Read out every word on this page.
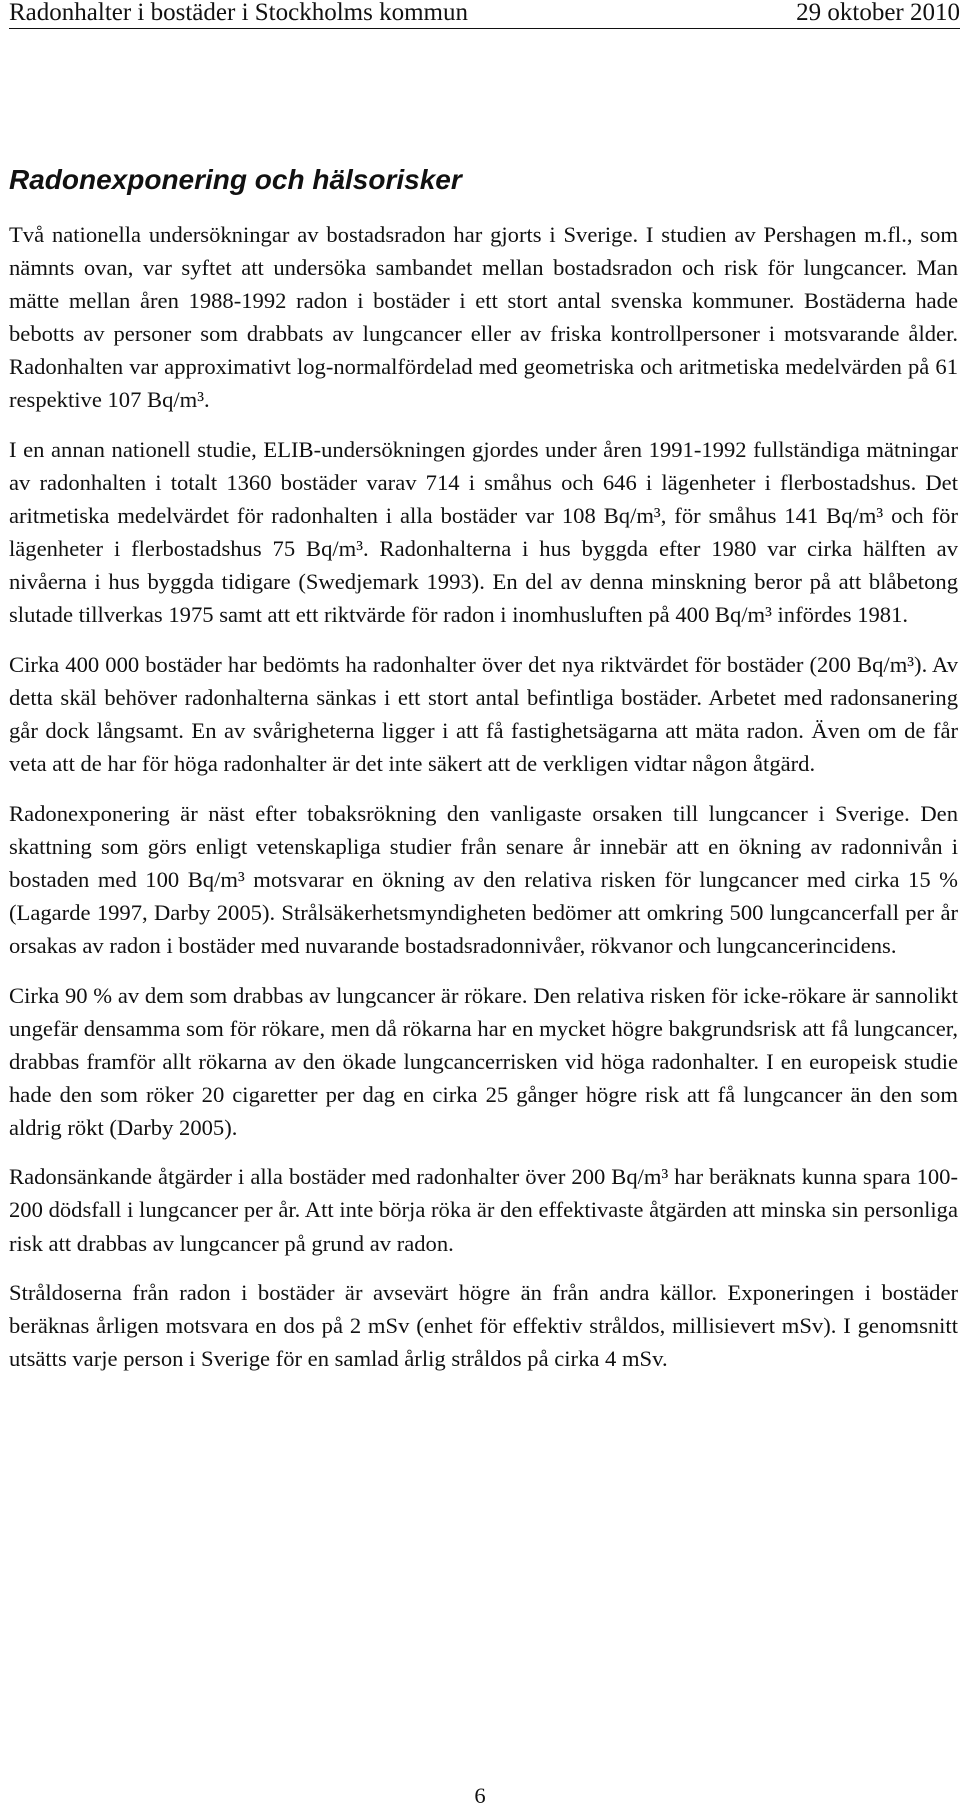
Radonhalter i bostäder i Stockholms kommun	29 oktober 2010
Radonexponering och hälsorisker

Två nationella undersökningar av bostadsradon har gjorts i Sverige. I studien av Pershagen m.fl., som nämnts ovan, var syftet att undersöka sambandet mellan bostadsradon och risk för lungcancer. Man mätte mellan åren 1988-1992 radon i bostäder i ett stort antal svenska kommuner. Bostäderna hade bebotts av personer som drabbats av lungcancer eller av friska kontrollpersoner i motsvarande ålder. Radonhalten var approximativt log-normalfördelad med geometriska och aritmetiska medelvärden på 61 respektive 107 Bq/m³.

I en annan nationell studie, ELIB-undersökningen gjordes under åren 1991-1992 fullständiga mätningar av radonhalten i totalt 1360 bostäder varav 714 i småhus och 646 i lägenheter i flerbostadshus. Det aritmetiska medelvärdet för radonhalten i alla bostäder var 108 Bq/m³, för småhus 141 Bq/m³ och för lägenheter i flerbostadshus 75 Bq/m³. Radonhalterna i hus byggda efter 1980 var cirka hälften av nivåerna i hus byggda tidigare (Swedjemark 1993). En del av denna minskning beror på att blåbetong slutade tillverkas 1975 samt att ett riktvärde för radon i inomhusluften på 400 Bq/m³ infördes 1981.

Cirka 400 000 bostäder har bedömts ha radonhalter över det nya riktvärdet för bostäder (200 Bq/m³). Av detta skäl behöver radonhalterna sänkas i ett stort antal befintliga bostäder. Arbetet med radonsanering går dock långsamt. En av svårigheterna ligger i att få fastighetsägarna att mäta radon. Även om de får veta att de har för höga radonhalter är det inte säkert att de verkligen vidtar någon åtgärd.

Radonexponering är näst efter tobaksrökning den vanligaste orsaken till lungcancer i Sverige. Den skattning som görs enligt vetenskapliga studier från senare år innebär att en ökning av radonnivån i bostaden med 100 Bq/m³ motsvarar en ökning av den relativa risken för lungcancer med cirka 15 % (Lagarde 1997, Darby 2005). Strålsäkerhetsmyndigheten bedömer att omkring 500 lungcancerfall per år orsakas av radon i bostäder med nuvarande bostadsradonnivåer, rökvanor och lungcancerincidens.

Cirka 90 % av dem som drabbas av lungcancer är rökare. Den relativa risken för icke-rökare är sannolikt ungefär densamma som för rökare, men då rökarna har en mycket högre bakgrundsrisk att få lungcancer, drabbas framför allt rökarna av den ökade lungcancerrisken vid höga radonhalter. I en europeisk studie hade den som röker 20 cigaretter per dag en cirka 25 gånger högre risk att få lungcancer än den som aldrig rökt (Darby 2005).

Radonsänkande åtgärder i alla bostäder med radonhalter över 200 Bq/m³ har beräknats kunna spara 100-200 dödsfall i lungcancer per år. Att inte börja röka är den effektivaste åtgärden att minska sin personliga risk att drabbas av lungcancer på grund av radon.

Stråldoserna från radon i bostäder är avsevärt högre än från andra källor. Exponeringen i bostäder beräknas årligen motsvara en dos på 2 mSv (enhet för effektiv stråldos, millisievert mSv). I genomsnitt utsätts varje person i Sverige för en samlad årlig stråldos på cirka 4 mSv.

6
